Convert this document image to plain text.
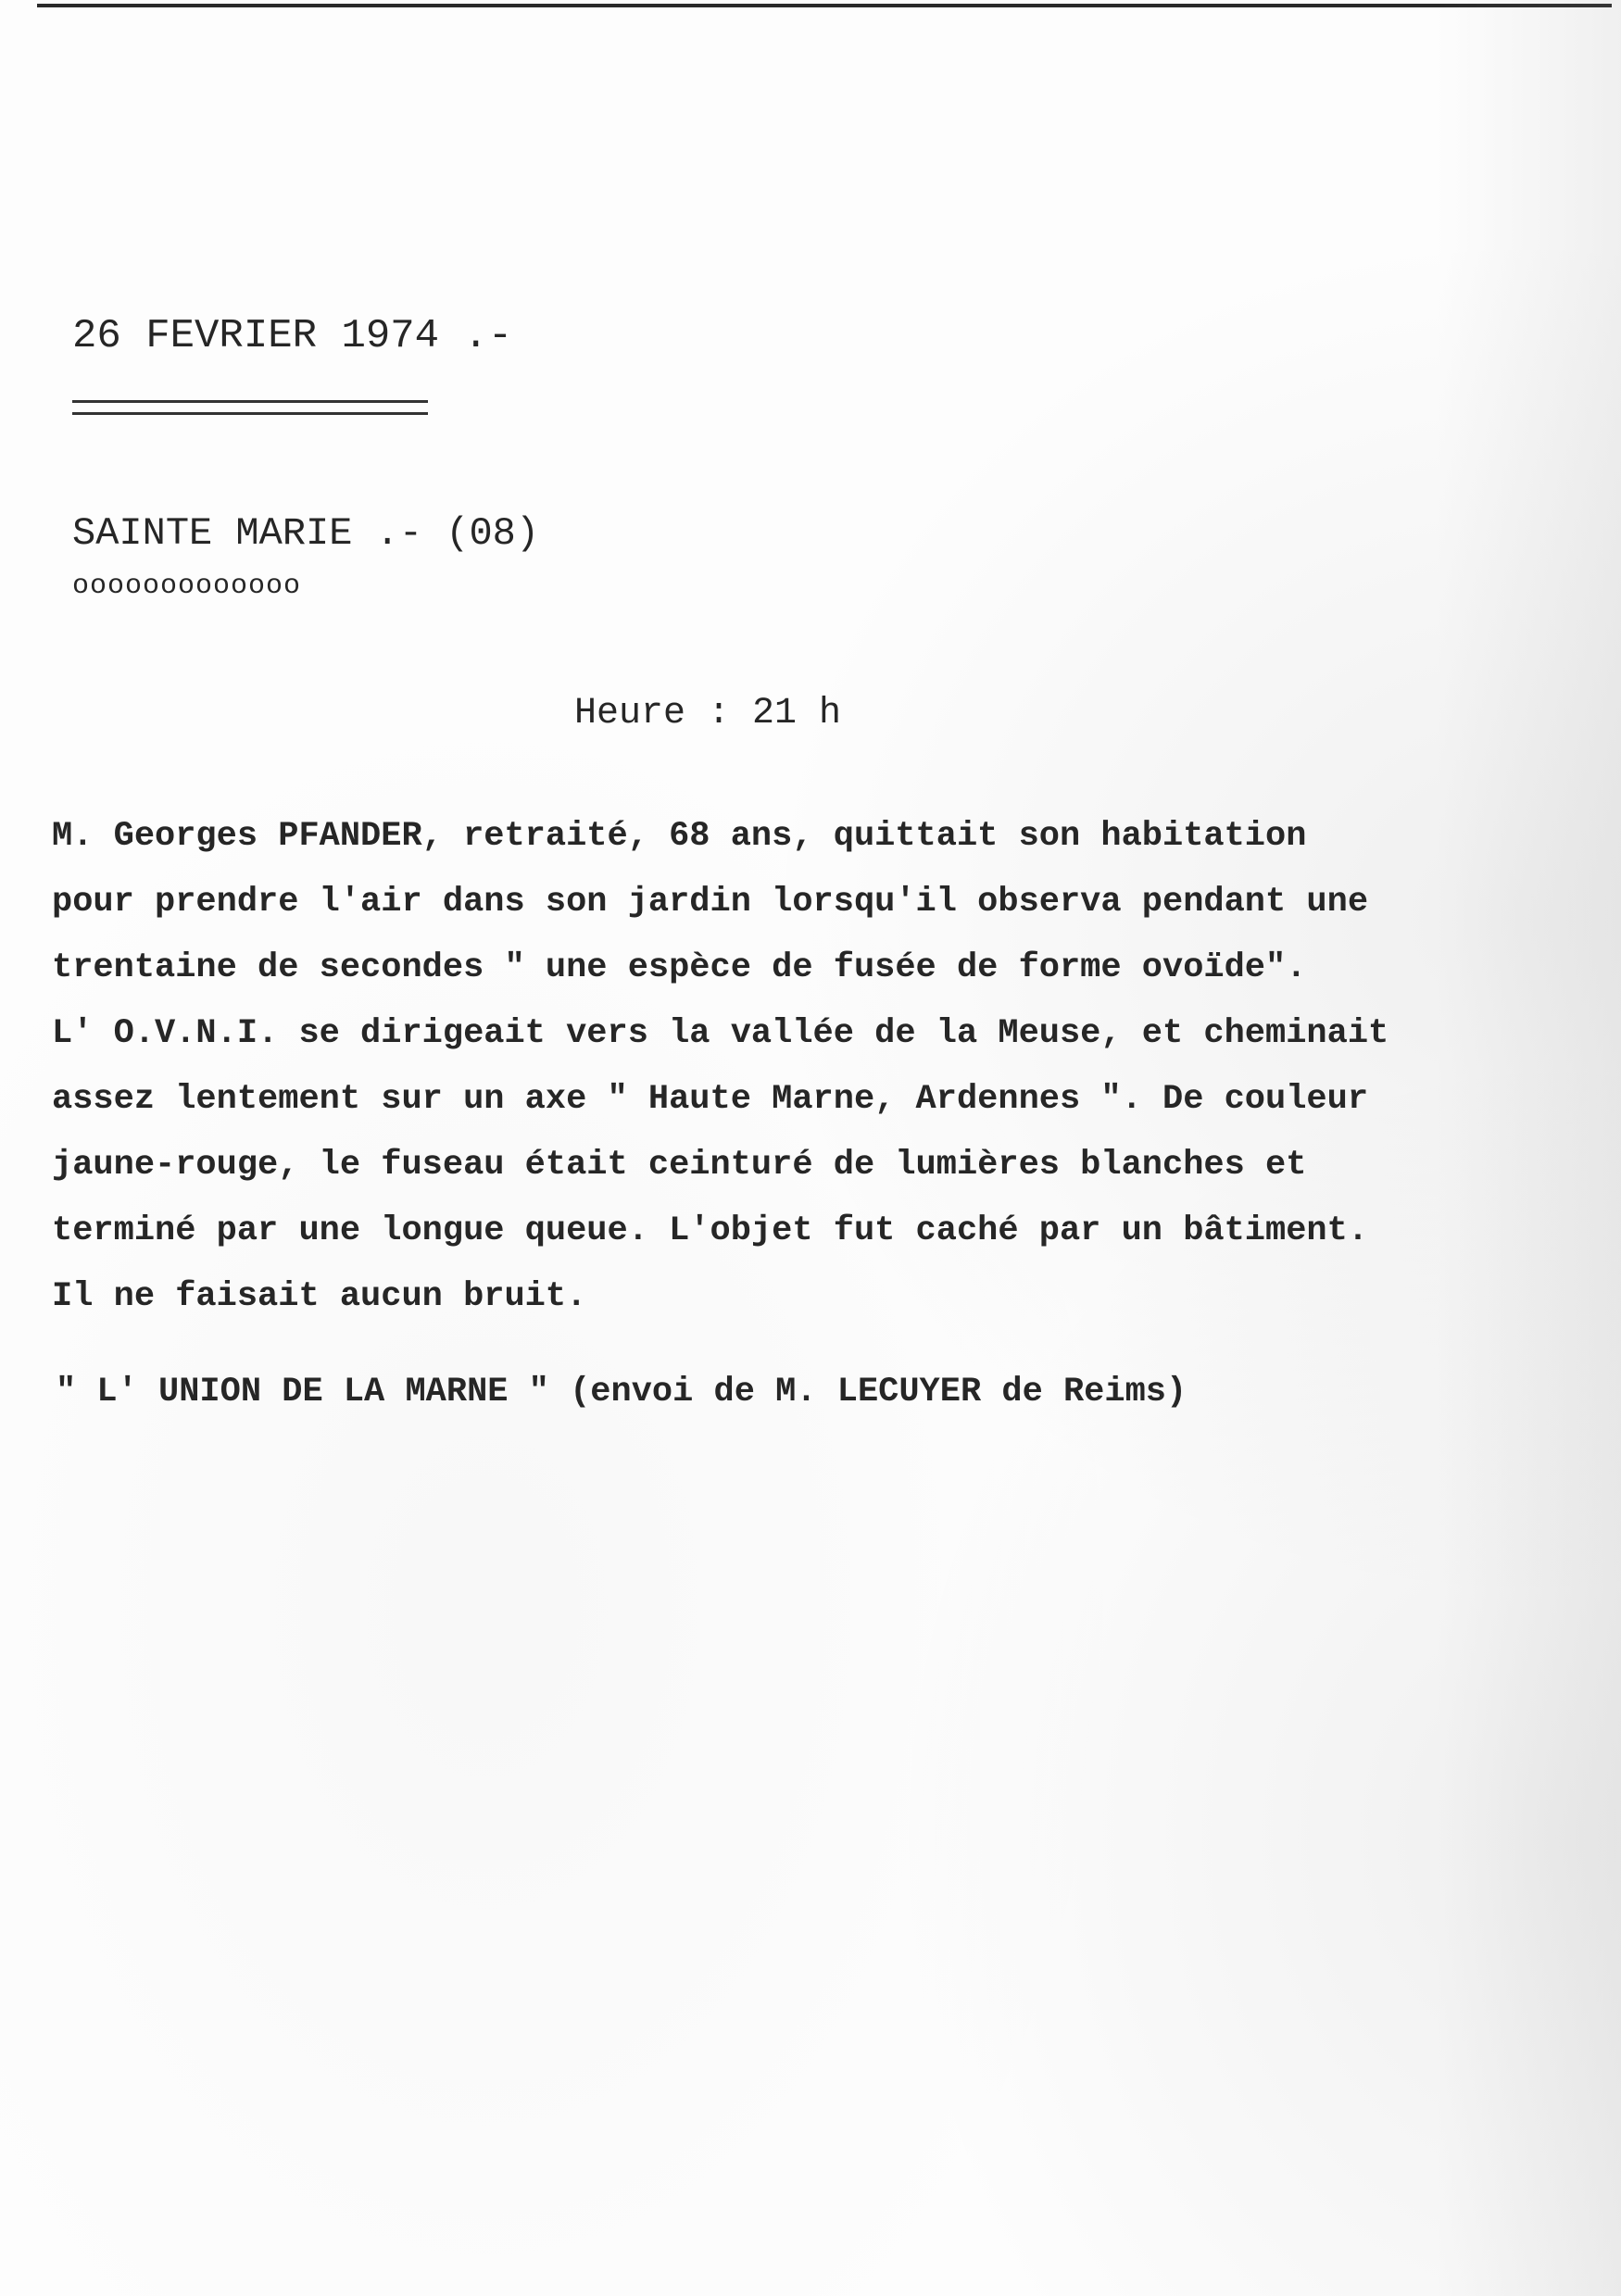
26 FEVRIER 1974 .-
SAINTE MARIE .- (08)
ooooooooooooo
Heure : 21 h
M. Georges PFANDER, retraité, 68 ans, quittait son habitation
pour prendre l'air dans son jardin lorsqu'il observa pendant une
trentaine de secondes " une espèce de fusée de forme ovoïde".
L' O.V.N.I. se dirigeait vers la vallée de la Meuse, et cheminait
assez lentement sur un axe " Haute Marne, Ardennes ". De couleur
jaune-rouge, le fuseau était ceinturé de lumières blanches et
terminé par une longue queue. L'objet fut caché par un bâtiment.
Il ne faisait aucun bruit.
" L' UNION DE LA MARNE " (envoi de M. LECUYER de Reims)
